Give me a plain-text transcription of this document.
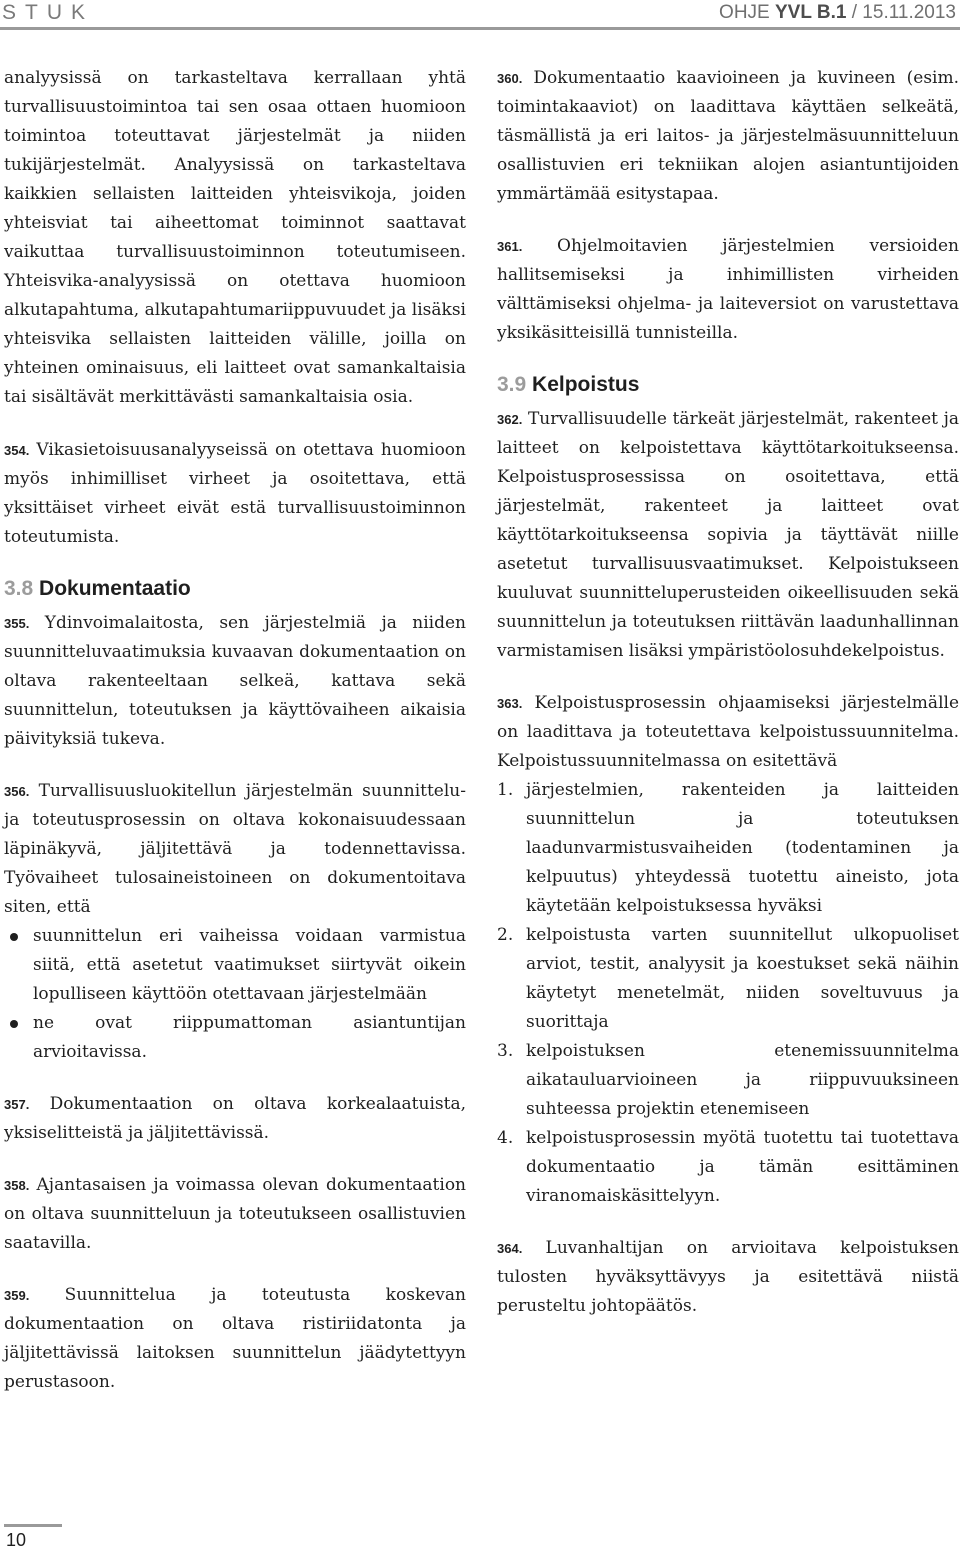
STUK	OHJE YVL B.1 / 15.11.2013

analyysissä on tarkasteltava kerrallaan yhtä turvallisuustoimintoa tai sen osaa ottaen huomioon toimintoa toteuttavat järjestelmät ja niiden tukijärjestelmät. Analyysissä on tarkasteltava kaikkien sellaisten laitteiden yhteisvikoja, joiden yhteisviat tai aiheettomat toiminnot saattavat vaikuttaa turvallisuustoiminnon toteutumiseen. Yhteisvika-analyysissä on otettava huomioon alkutapahtuma, alkutapahtumariippuvuudet ja lisäksi yhteisvika sellaisten laitteiden välille, joilla on yhteinen ominaisuus, eli laitteet ovat samankaltaisia tai sisältävät merkittävästi samankaltaisia osia.

354. Vikasietoisuusanalyyseissä on otettava huomioon myös inhimilliset virheet ja osoitettava, että yksittäiset virheet eivät estä turvallisuustoiminnon toteutumista.

3.8 Dokumentaatio

355. Ydinvoimalaitosta, sen järjestelmiä ja niiden suunnitteluvaatimuksia kuvaavan dokumentaation on oltava rakenteeltaan selkeä, kattava sekä suunnittelun, toteutuksen ja käyttövaiheen aikaisia päivityksiä tukeva.

356. Turvallisuusluokitellun järjestelmän suunnittelu- ja toteutusprosessin on oltava kokonaisuudessaan läpinäkyvä, jäljitettävä ja todennettavissa. Työvaiheet tulosaineistoineen on dokumentoitava siten, että

suunnittelun eri vaiheissa voidaan varmistua siitä, että asetetut vaatimukset siirtyvät oikein lopulliseen käyttöön otettavaan järjestelmään
ne ovat riippumattoman asiantuntijan arvioitavissa.

357. Dokumentaation on oltava korkealaatuista, yksiselitteistä ja jäljitettävissä.

358. Ajantasaisen ja voimassa olevan dokumentaation on oltava suunnitteluun ja toteutukseen osallistuvien saatavilla.

359. Suunnittelua ja toteutusta koskevan dokumentaation on oltava ristiriidatonta ja jäljitettävissä laitoksen suunnittelun jäädytettyyn perustasoon.

360. Dokumentaatio kaavioineen ja kuvineen (esim. toimintakaaviot) on laadittava käyttäen selkeätä, täsmällistä ja eri laitos- ja järjestelmäsuunnitteluun osallistuvien eri tekniikan alojen asiantuntijoiden ymmärtämää esitystapaa.

361. Ohjelmoitavien järjestelmien versioiden hallitsemiseksi ja inhimillisten virheiden välttämiseksi ohjelma- ja laiteversiot on varustettava yksikäsitteisillä tunnisteilla.

3.9 Kelpoistus

362. Turvallisuudelle tärkeät järjestelmät, rakenteet ja laitteet on kelpoistettava käyttötarkoitukseensa. Kelpoistusprosessissa on osoitettava, että järjestelmät, rakenteet ja laitteet ovat käyttötarkoitukseensa sopivia ja täyttävät niille asetetut turvallisuusvaatimukset. Kelpoistukseen kuuluvat suunnitteluperusteiden oikeellisuuden sekä suunnittelun ja toteutuksen riittävän laadunhallinnan varmistamisen lisäksi ympäristöolosuhdekelpoistus.

363. Kelpoistusprosessin ohjaamiseksi järjestelmälle on laadittava ja toteutettava kelpoistussuunnitelma. Kelpoistussuunnitelmassa on esitettävä

1. järjestelmien, rakenteiden ja laitteiden suunnittelun ja toteutuksen laadunvarmistusvaiheiden (todentaminen ja kelpuutus) yhteydessä tuotettu aineisto, jota käytetään kelpoistuksessa hyväksi
2. kelpoistusta varten suunnitellut ulkopuoliset arviot, testit, analyysit ja koestukset sekä näihin käytetyt menetelmät, niiden soveltuvuus ja suorittaja
3. kelpoistuksen etenemissuunnitelma aikatauluarvioineen ja riippuvuuksineen suhteessa projektin etenemiseen
4. kelpoistusprosessin myötä tuotettu tai tuotettava dokumentaatio ja tämän esittäminen viranomaiskäsittelyyn.

364. Luvanhaltijan on arvioitava kelpoistuksen tulosten hyväksyttävyys ja esitettävä niistä perusteltu johtopäätös.

10
